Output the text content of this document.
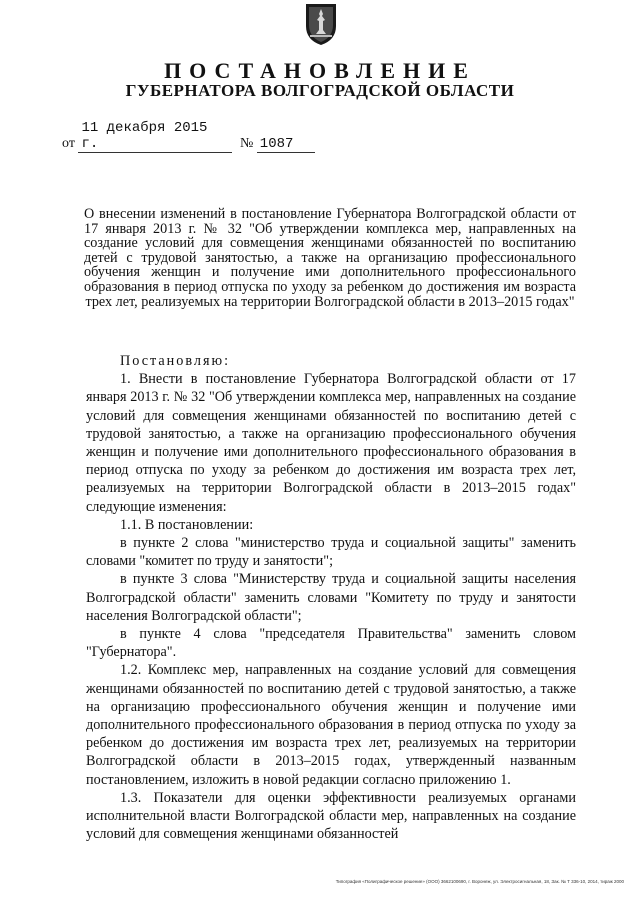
ПОСТАНОВЛЕНИЕ
ГУБЕРНАТОРА ВОЛГОГРАДСКОЙ ОБЛАСТИ
от 11 декабря 2015 г.	№ 1087
О внесении изменений в постановление Губернатора Волгоградской области от 17 января 2013 г. № 32 "Об утверждении комплекса мер, направленных на создание условий для совмещения женщинами обязанностей по воспитанию детей с трудовой занятостью, а также на организацию профессионального обучения женщин и получение ими дополнительного профессионального образования в период отпуска по уходу за ребенком до достижения им возраста трех лет, реализуемых на территории Волгоградской области в 2013–2015 годах"

Постановляю:

1. Внести в постановление Губернатора Волгоградской области от 17 января 2013 г. № 32 "Об утверждении комплекса мер, направленных на создание условий для совмещения женщинами обязанностей по воспитанию детей с трудовой занятостью, а также на организацию профессионального обучения женщин и получение ими дополнительного профессионального образования в период отпуска по уходу за ребенком до достижения им возраста трех лет, реализуемых на территории Волгоградской области в 2013–2015 годах" следующие изменения:

1.1. В постановлении:

в пункте 2 слова "министерство труда и социальной защиты" заменить словами "комитет по труду и занятости";

в пункте 3 слова "Министерству труда и социальной защиты населения Волгоградской области" заменить словами "Комитету по труду и занятости населения Волгоградской области";

в пункте 4 слова "председателя Правительства" заменить словом "Губернатора".

1.2. Комплекс мер, направленных на создание условий для совмещения женщинами обязанностей по воспитанию детей с трудовой занятостью, а также на организацию профессионального обучения женщин и получение ими дополнительного профессионального образования в период отпуска по уходу за ребенком до достижения им возраста трех лет, реализуемых на территории Волгоградской области в 2013–2015 годах, утвержденный названным постановлением, изложить в новой редакции согласно приложению 1.

1.3. Показатели для оценки эффективности реализуемых органами исполнительной власти Волгоградской области мер, направленных на создание условий для совмещения женщинами обязанностей

Типография «Полиграфическое решение» (ООО) 3662100690, г. Воронеж, ул. Электросигнальная, 18, Зак. № Т 336-10, 2014, тираж 2000
